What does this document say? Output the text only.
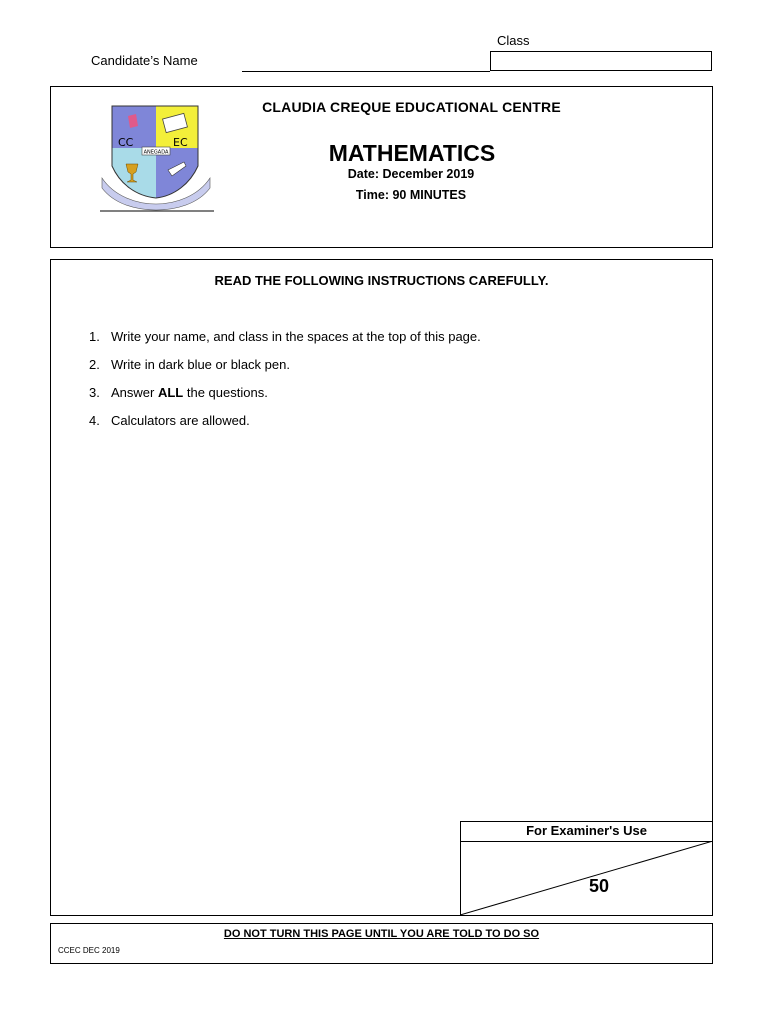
Class
Candidate’s Name
ANEGADA
CC	EC
CLAUDIA CREQUE EDUCATIONAL CENTRE
MATHEMATICS
Date: December 2019
Time: 90 MINUTES
READ THE FOLLOWING INSTRUCTIONS CAREFULLY.
1. Write your name, and class in the spaces at the top of this page.
2. Write in dark blue or black pen.
3. Answer ALL the questions.
4. Calculators are allowed.
For Examiner's Use
50
DO NOT TURN THIS PAGE UNTIL YOU ARE TOLD TO DO SO
CCEC DEC 2019
